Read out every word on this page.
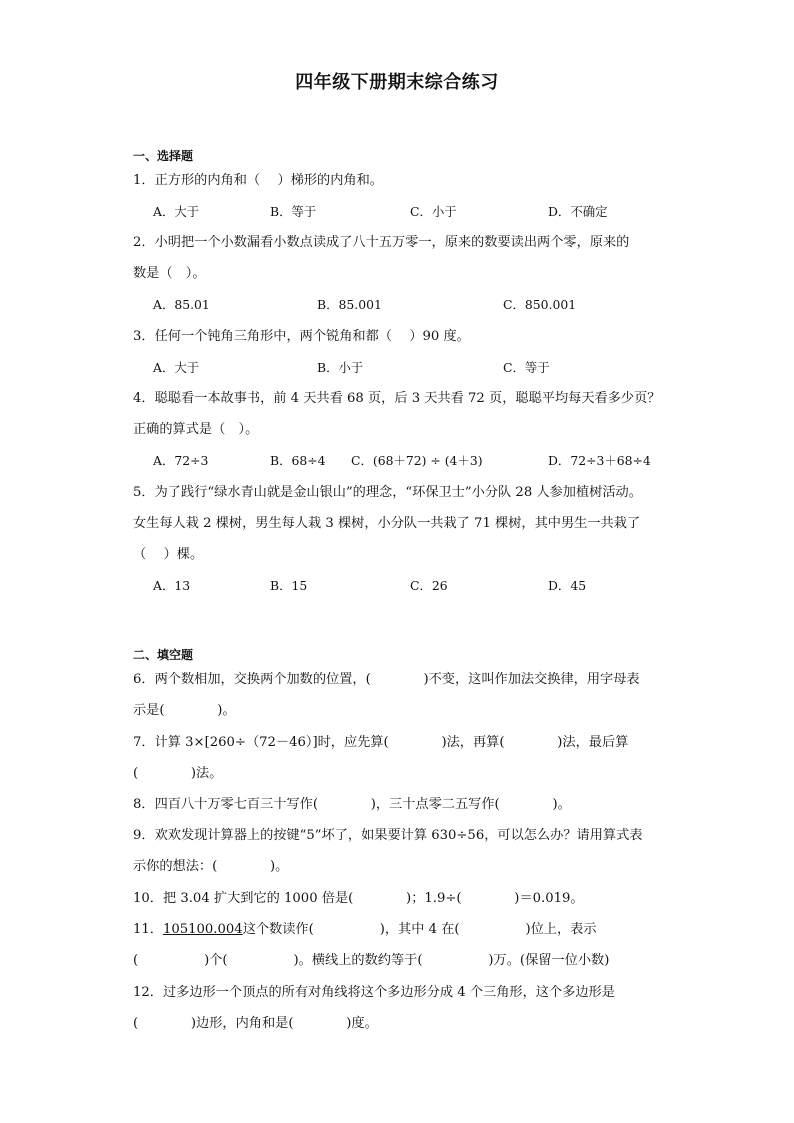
四年级下册期末综合练习
一、选择题
1．正方形的内角和（　 ）梯形的内角和。
A．大于	B．等于	C．小于	D．不确定
2．小明把一个小数漏看小数点读成了八十五万零一，原来的数要读出两个零，原来的
数是（　）。
A．85.01	B．85.001	C．850.001
3．任何一个钝角三角形中，两个锐角和都（　 ）90 度。
A．大于	B．小于	C．等于
4．聪聪看一本故事书，前 4 天共看 68 页，后 3 天共看 72 页，聪聪平均每天看多少页？
正确的算式是（　）。
A．72÷3	B．68÷4 C．(68＋72) ÷ (4＋3)	D．72÷3＋68÷4
5．为了践行“绿水青山就是金山银山”的理念，“环保卫士”小分队 28 人参加植树活动。
女生每人栽 2 棵树，男生每人栽 3 棵树，小分队一共栽了 71 棵树，其中男生一共栽了
（　 ）棵。
A．13	B．15	C．26	D．45
二、填空题
6．两个数相加，交换两个加数的位置，(　　　　)不变，这叫作加法交换律，用字母表
示是(　　　　)。
7．计算 3×[260÷（72－46）]时，应先算(　　　　)法，再算(　　　　)法，最后算
(　　　　)法。
8．四百八十万零七百三十写作(　　　　)，三十点零二五写作(　　　　)。
9．欢欢发现计算器上的按键“5”坏了，如果要计算 630÷56，可以怎么办？请用算式表
示你的想法：(　　　　)。
10．把 3.04 扩大到它的 1000 倍是(　　　　)；1.9÷(　　　　)＝0.019。
11．105100.004这个数读作(　　　　　)，其中 4 在(　　　　　)位上，表示
(　　　　　)个(　　　　　)。横线上的数约等于(　　　　　)万。(保留一位小数)
12．过多边形一个顶点的所有对角线将这个多边形分成 4 个三角形，这个多边形是
(　　　　)边形，内角和是(　　　　)度。
